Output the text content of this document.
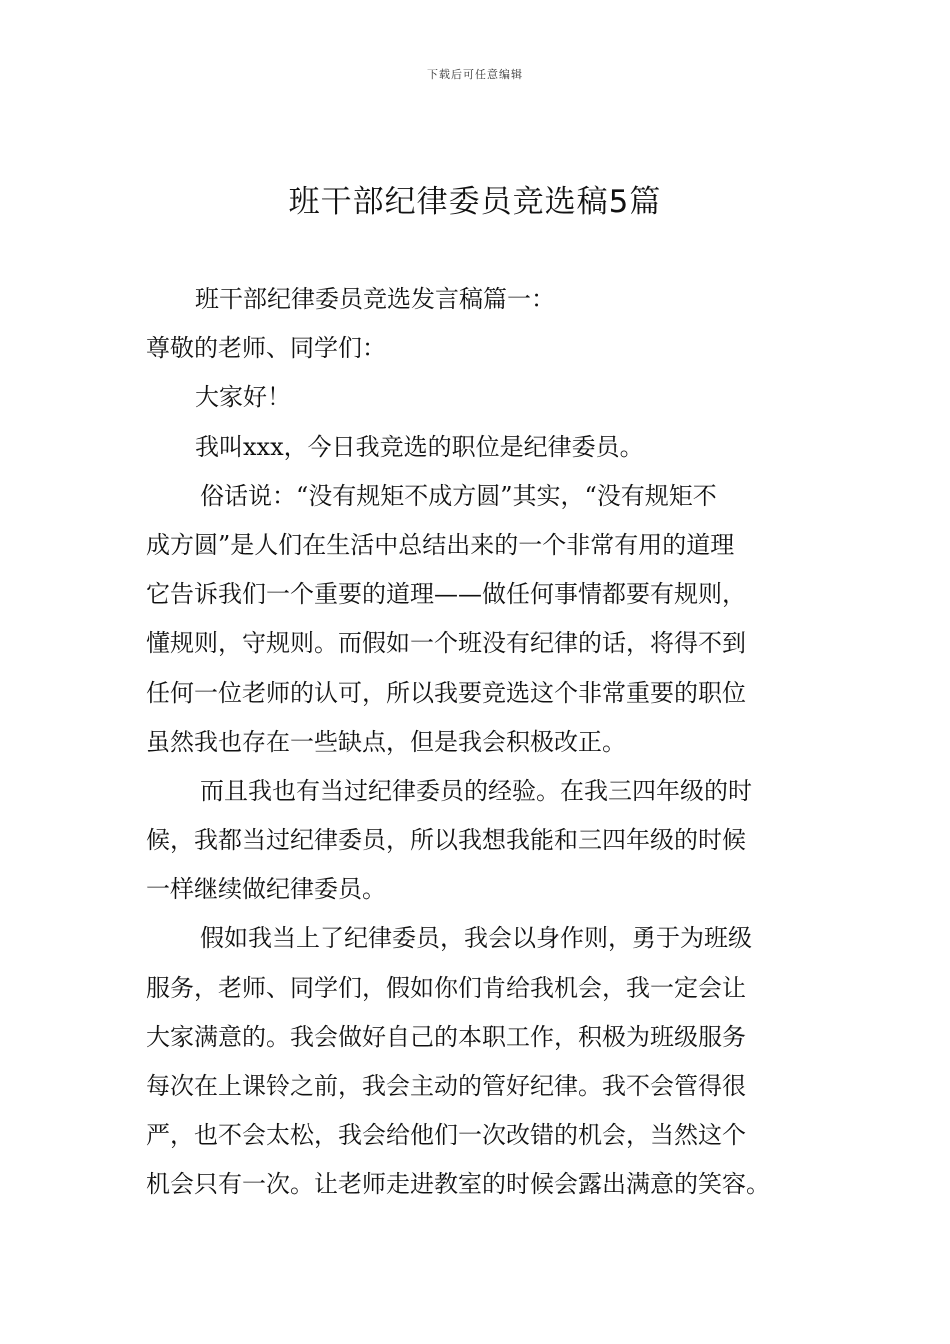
下载后可任意编辑
班干部纪律委员竞选稿5篇
班干部纪律委员竞选发言稿篇一：
尊敬的老师、同学们：
大家好！
我叫xxx，今日我竞选的职位是纪律委员。
俗话说：“没有规矩不成方圆”其实，“没有规矩不
成方圆”是人们在生活中总结出来的一个非常有用的道理
它告诉我们一个重要的道理——做任何事情都要有规则，
懂规则，守规则。而假如一个班没有纪律的话，将得不到
任何一位老师的认可，所以我要竞选这个非常重要的职位
虽然我也存在一些缺点，但是我会积极改正。
而且我也有当过纪律委员的经验。在我三四年级的时
候，我都当过纪律委员，所以我想我能和三四年级的时候
一样继续做纪律委员。
假如我当上了纪律委员，我会以身作则，勇于为班级
服务，老师、同学们，假如你们肯给我机会，我一定会让
大家满意的。我会做好自己的本职工作，积极为班级服务
每次在上课铃之前，我会主动的管好纪律。我不会管得很
严，也不会太松，我会给他们一次改错的机会，当然这个
机会只有一次。让老师走进教室的时候会露出满意的笑容。
